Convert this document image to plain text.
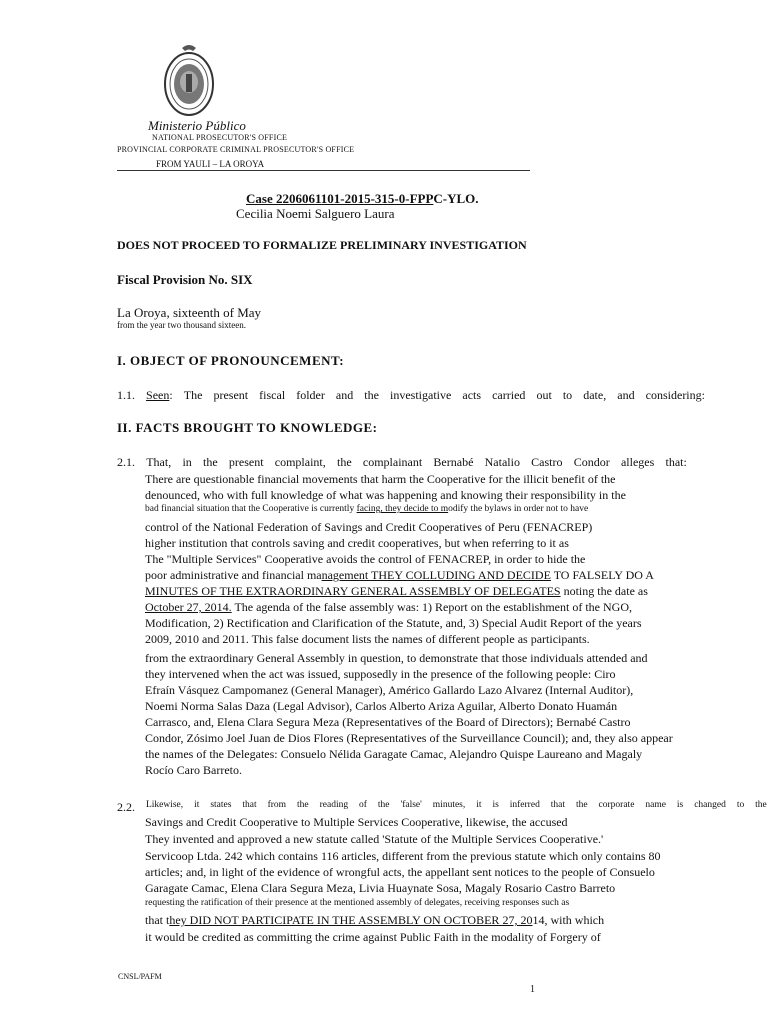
Ministerio Público
NATIONAL PROSECUTOR'S OFFICE
PROVINCIAL CORPORATE CRIMINAL PROSECUTOR'S OFFICE
FROM YAULI – LA OROYA
Case 2206061101-2015-315-0-FPPC-YLO.
Cecilia Noemi Salguero Laura
DOES NOT PROCEED TO FORMALIZE PRELIMINARY INVESTIGATION
Fiscal Provision No. SIX
La Oroya, sixteenth of May
from the year two thousand sixteen.
I. OBJECT OF PRONOUNCEMENT:
1.1. Seen: The present fiscal folder and the investigative acts carried out to date, and considering:
II. FACTS BROUGHT TO KNOWLEDGE:
2.1. That, in the present complaint, the complainant Bernabé Natalio Castro Condor alleges that:
There are questionable financial movements that harm the Cooperative for the illicit benefit of the
denounced, who with full knowledge of what was happening and knowing their responsibility in the
bad financial situation that the Cooperative is currently facing, they decide to modify the bylaws in order not to have
control of the National Federation of Savings and Credit Cooperatives of Peru (FENACREP)
higher institution that controls saving and credit cooperatives, but when referring to it as
The "Multiple Services" Cooperative avoids the control of FENACREP, in order to hide the
poor administrative and financial management THEY COLLUDING AND DECIDE TO FALSELY DO A
MINUTES OF THE EXTRAORDINARY GENERAL ASSEMBLY OF DELEGATES noting the date as
October 27, 2014. The agenda of the false assembly was: 1) Report on the establishment of the NGO,
Modification, 2) Rectification and Clarification of the Statute, and, 3) Special Audit Report of the years
2009, 2010 and 2011. This false document lists the names of different people as participants.
from the extraordinary General Assembly in question, to demonstrate that those individuals attended and
they intervened when the act was issued, supposedly in the presence of the following people: Ciro
Efraín Vásquez Campomanez (General Manager), Américo Gallardo Lazo Alvarez (Internal Auditor),
Noemi Norma Salas Daza (Legal Advisor), Carlos Alberto Ariza Aguilar, Alberto Donato Huamán
Carrasco, and, Elena Clara Segura Meza (Representatives of the Board of Directors); Bernabé Castro
Condor, Zósimo Joel Juan de Dios Flores (Representatives of the Surveillance Council); and, they also appear
the names of the Delegates: Consuelo Nélida Garagate Camac, Alejandro Quispe Laureano and Magaly
Rocío Caro Barreto.
2.2. Likewise, it states that from the reading of the 'false' minutes, it is inferred that the corporate name is changed to the
Savings and Credit Cooperative to Multiple Services Cooperative, likewise, the accused
They invented and approved a new statute called 'Statute of the Multiple Services Cooperative.'
Servicoop Ltda. 242 which contains 116 articles, different from the previous statute which only contains 80
articles; and, in light of the evidence of wrongful acts, the appellant sent notices to the people of Consuelo
Garagate Camac, Elena Clara Segura Meza, Livia Huaynate Sosa, Magaly Rosario Castro Barreto
requesting the ratification of their presence at the mentioned assembly of delegates, receiving responses such as
that they DID NOT PARTICIPATE IN THE ASSEMBLY ON OCTOBER 27, 2014, with which
it would be credited as committing the crime against Public Faith in the modality of Forgery of
CNSL/PAFM
1
